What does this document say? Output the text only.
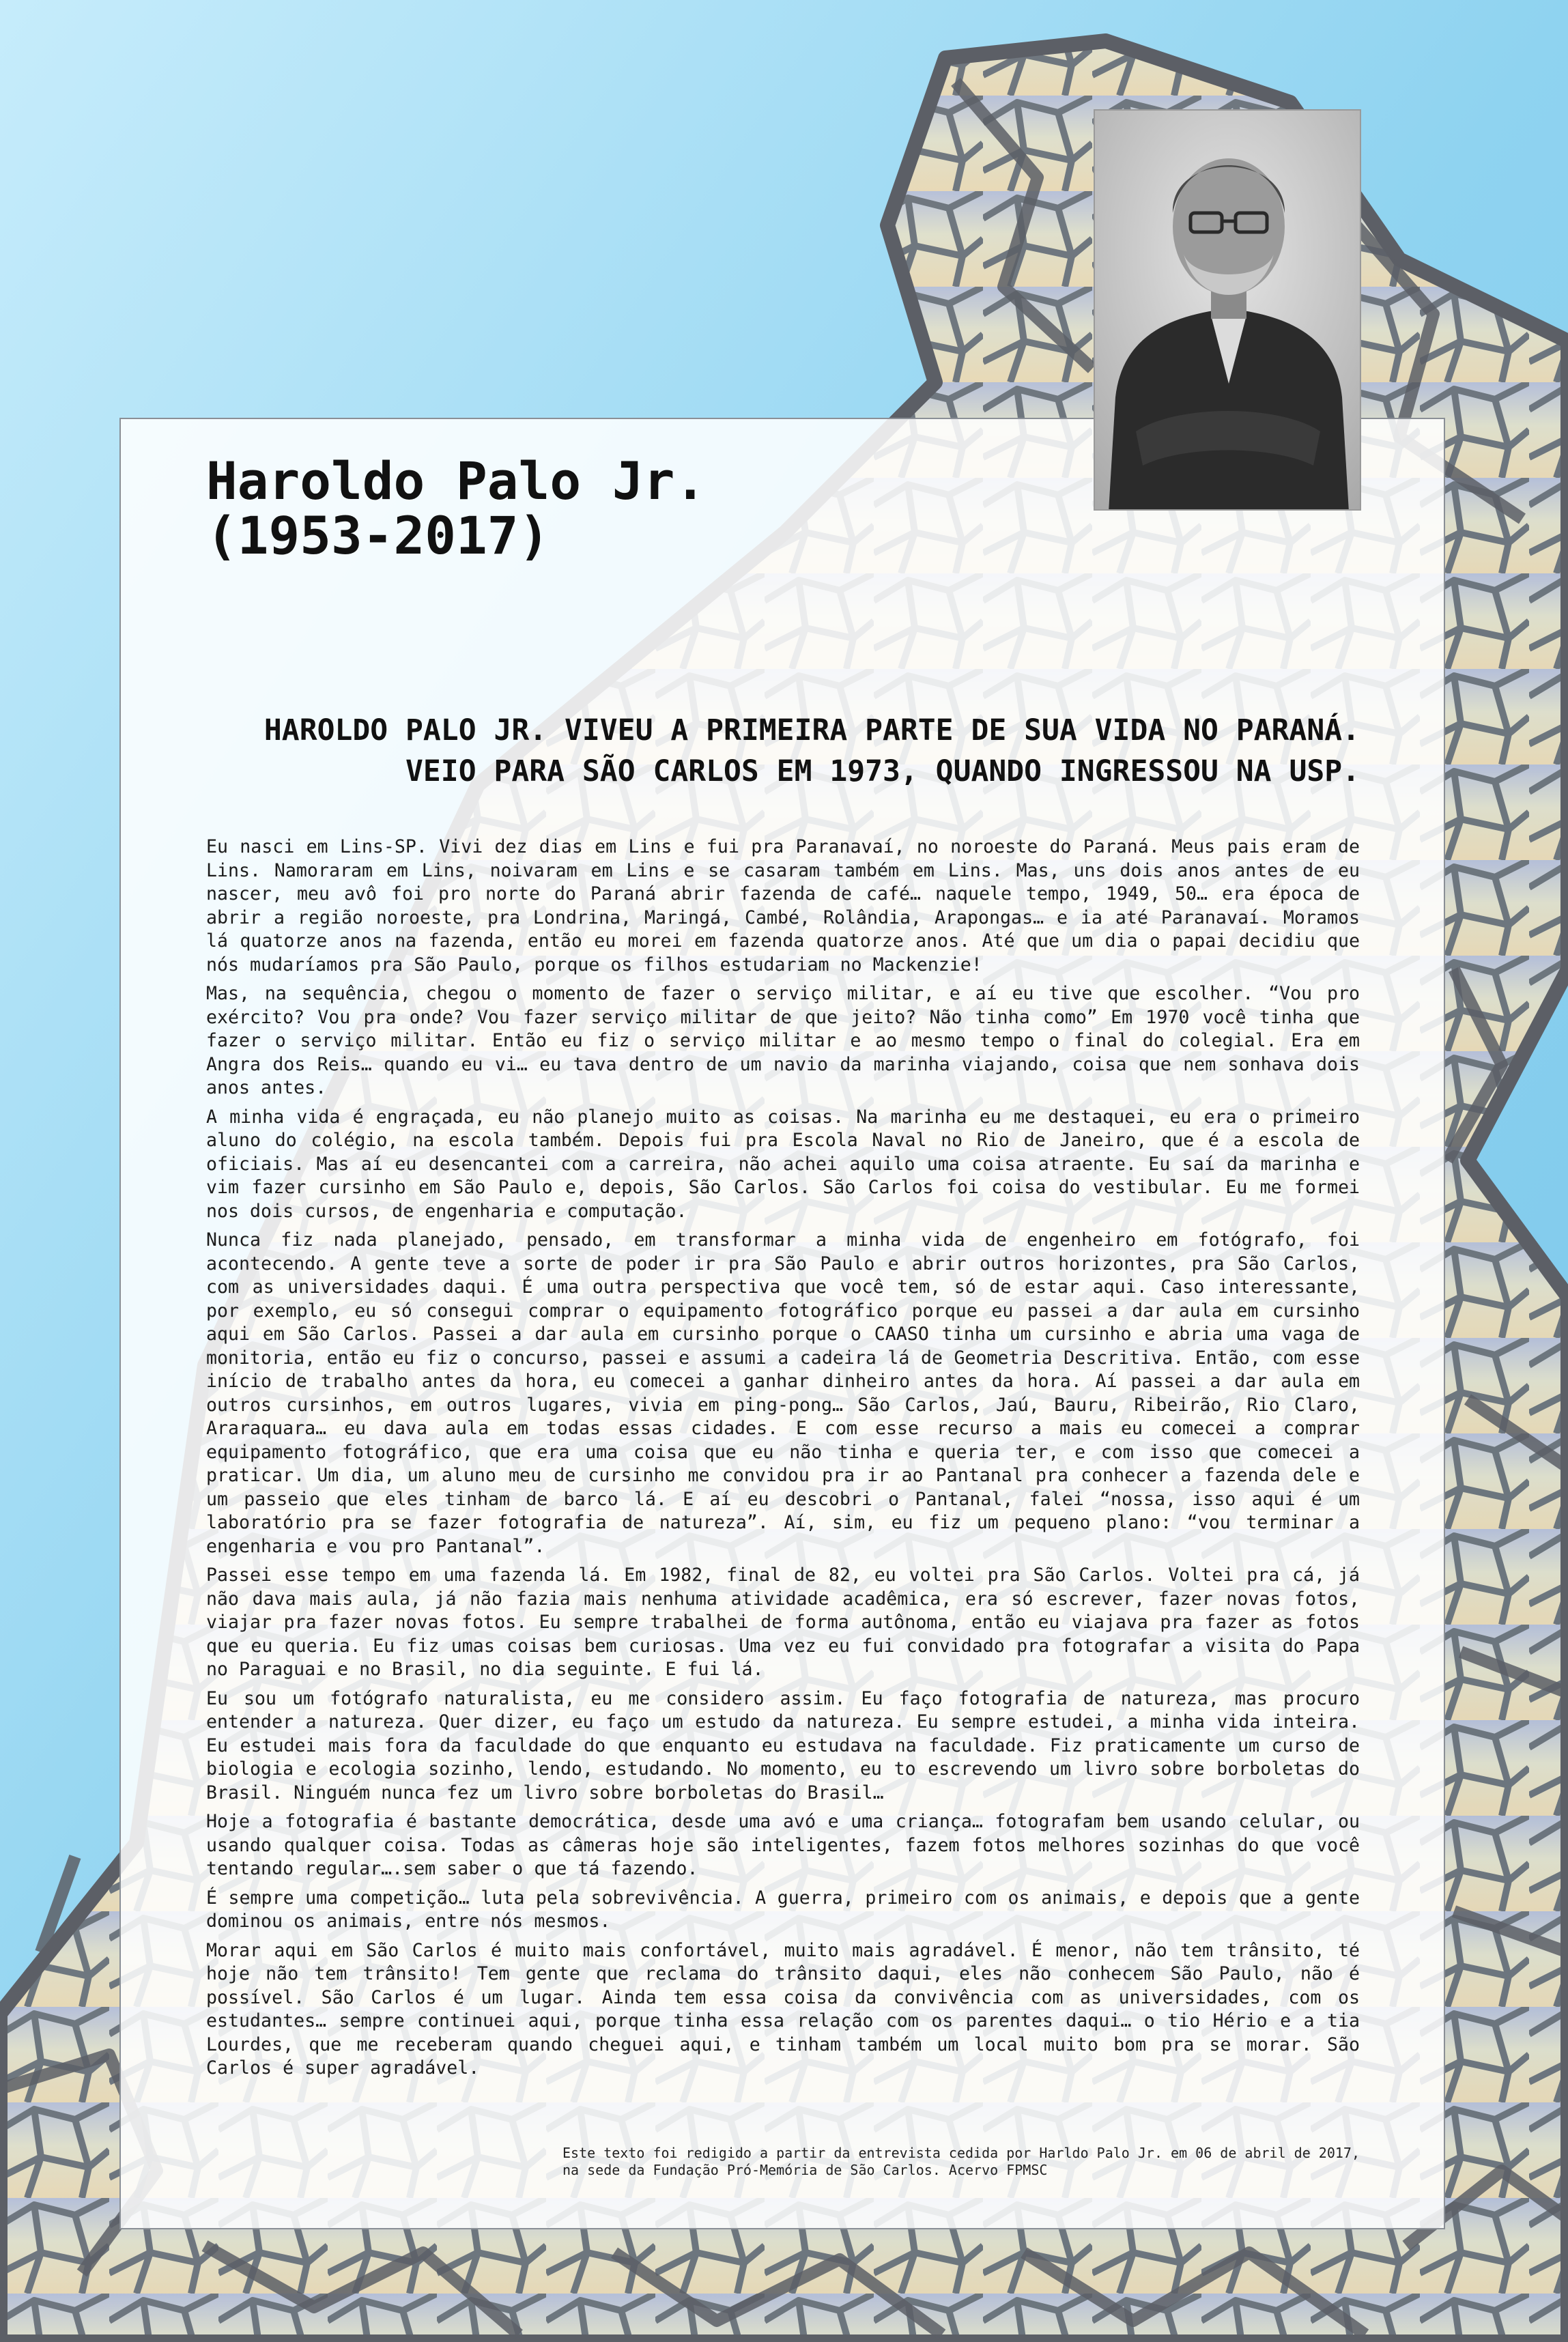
Haroldo Palo Jr.
(1953-2017)
HAROLDO PALO JR. VIVEU A PRIMEIRA PARTE DE SUA VIDA NO PARANÁ.
VEIO PARA SÃO CARLOS EM 1973, QUANDO INGRESSOU NA USP.

Eu nasci em Lins-SP. Vivi dez dias em Lins e fui pra Paranavaí, no noroeste do Paraná. Meus pais eram de Lins. Namoraram em Lins, noivaram em Lins e se casaram também em Lins. Mas, uns dois anos antes de eu nascer, meu avô foi pro norte do Paraná abrir fazenda de café… naquele tempo, 1949, 50… era época de abrir a região noroeste, pra Londrina, Maringá, Cambé, Rolândia, Arapongas… e ia até Paranavaí. Moramos lá quatorze anos na fazenda, então eu morei em fazenda quatorze anos. Até que um dia o papai decidiu que nós mudaríamos pra São Paulo, porque os filhos estudariam no Mackenzie!

Mas, na sequência, chegou o momento de fazer o serviço militar, e aí eu tive que escolher. “Vou pro exército? Vou pra onde? Vou fazer serviço militar de que jeito? Não tinha como” Em 1970 você tinha que fazer o serviço militar. Então eu fiz o serviço militar e ao mesmo tempo o final do colegial. Era em Angra dos Reis… quando eu vi… eu tava dentro de um navio da marinha viajando, coisa que nem sonhava dois anos antes.

A minha vida é engraçada, eu não planejo muito as coisas. Na marinha eu me destaquei, eu era o primeiro aluno do colégio, na escola também. Depois fui pra Escola Naval no Rio de Janeiro, que é a escola de oficiais. Mas aí eu desencantei com a carreira, não achei aquilo uma coisa atraente. Eu saí da marinha e vim fazer cursinho em São Paulo e, depois, São Carlos. São Carlos foi coisa do vestibular. Eu me formei nos dois cursos, de engenharia e computação.

Nunca fiz nada planejado, pensado, em transformar a minha vida de engenheiro em fotógrafo, foi acontecendo. A gente teve a sorte de poder ir pra São Paulo e abrir outros horizontes, pra São Carlos, com as universidades daqui. É uma outra perspectiva que você tem, só de estar aqui. Caso interessante, por exemplo, eu só consegui comprar o equipamento fotográfico porque eu passei a dar aula em cursinho aqui em São Carlos. Passei a dar aula em cursinho porque o CAASO tinha um cursinho e abria uma vaga de monitoria, então eu fiz o concurso, passei e assumi a cadeira lá de Geometria Descritiva. Então, com esse início de trabalho antes da hora, eu comecei a ganhar dinheiro antes da hora. Aí passei a dar aula em outros cursinhos, em outros lugares, vivia em ping-pong… São Carlos, Jaú, Bauru, Ribeirão, Rio Claro, Araraquara… eu dava aula em todas essas cidades. E com esse recurso a mais eu comecei a comprar equipamento fotográfico, que era uma coisa que eu não tinha e queria ter, e com isso que comecei a praticar. Um dia, um aluno meu de cursinho me convidou pra ir ao Pantanal pra conhecer a fazenda dele e um passeio que eles tinham de barco lá. E aí eu descobri o Pantanal, falei “nossa, isso aqui é um laboratório pra se fazer fotografia de natureza”. Aí, sim, eu fiz um pequeno plano: “vou terminar a engenharia e vou pro Pantanal”.

Passei esse tempo em uma fazenda lá. Em 1982, final de 82, eu voltei pra São Carlos. Voltei pra cá, já não dava mais aula, já não fazia mais nenhuma atividade acadêmica, era só escrever, fazer novas fotos, viajar pra fazer novas fotos. Eu sempre trabalhei de forma autônoma, então eu viajava pra fazer as fotos que eu queria. Eu fiz umas coisas bem curiosas. Uma vez eu fui convidado pra fotografar a visita do Papa no Paraguai e no Brasil, no dia seguinte. E fui lá.

Eu sou um fotógrafo naturalista, eu me considero assim. Eu faço fotografia de natureza, mas procuro entender a natureza. Quer dizer, eu faço um estudo da natureza. Eu sempre estudei, a minha vida inteira. Eu estudei mais fora da faculdade do que enquanto eu estudava na faculdade. Fiz praticamente um curso de biologia e ecologia sozinho, lendo, estudando. No momento, eu to escrevendo um livro sobre borboletas do Brasil. Ninguém nunca fez um livro sobre borboletas do Brasil…

Hoje a fotografia é bastante democrática, desde uma avó e uma criança… fotografam bem usando celular, ou usando qualquer coisa. Todas as câmeras hoje são inteligentes, fazem fotos melhores sozinhas do que você tentando regular….sem saber o que tá fazendo.

É sempre uma competição… luta pela sobrevivência. A guerra, primeiro com os animais, e depois que a gente dominou os animais, entre nós mesmos.

Morar aqui em São Carlos é muito mais confortável, muito mais agradável. É menor, não tem trânsito, té hoje não tem trânsito! Tem gente que reclama do trânsito daqui, eles não conhecem São Paulo, não é possível. São Carlos é um lugar. Ainda tem essa coisa da convivência com as universidades, com os estudantes… sempre continuei aqui, porque tinha essa relação com os parentes daqui… o tio Hério e a tia Lourdes, que me receberam quando cheguei aqui, e tinham também um local muito bom pra se morar. São Carlos é super agradável.

Este texto foi redigido a partir da entrevista cedida por Harldo Palo Jr. em 06 de abril de 2017, na sede da Fundação Pró-Memória de São Carlos. Acervo FPMSC
